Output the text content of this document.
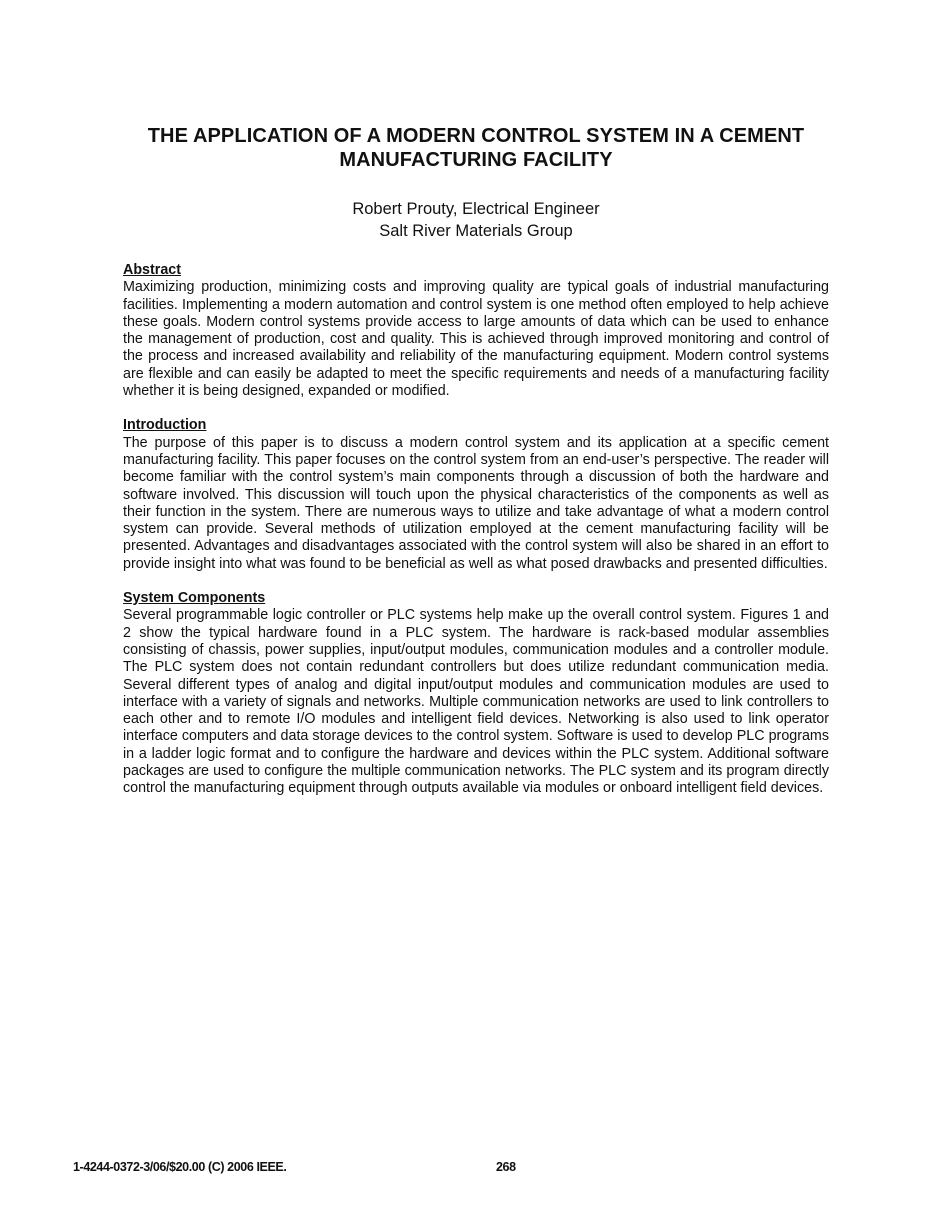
THE APPLICATION OF A MODERN CONTROL SYSTEM IN A CEMENT
MANUFACTURING FACILITY
Robert Prouty, Electrical Engineer
Salt River Materials Group

Abstract

Maximizing production, minimizing costs and improving quality are typical goals of industrial manufacturing facilities. Implementing a modern automation and control system is one method often employed to help achieve these goals. Modern control systems provide access to large amounts of data which can be used to enhance the management of production, cost and quality. This is achieved through improved monitoring and control of the process and increased availability and reliability of the manufacturing equipment. Modern control systems are flexible and can easily be adapted to meet the specific requirements and needs of a manufacturing facility whether it is being designed, expanded or modified.

Introduction

The purpose of this paper is to discuss a modern control system and its application at a specific cement manufacturing facility. This paper focuses on the control system from an end-user’s perspective. The reader will become familiar with the control system’s main components through a discussion of both the hardware and software involved. This discussion will touch upon the physical characteristics of the components as well as their function in the system. There are numerous ways to utilize and take advantage of what a modern control system can provide. Several methods of utilization employed at the cement manufacturing facility will be presented. Advantages and disadvantages associated with the control system will also be shared in an effort to provide insight into what was found to be beneficial as well as what posed drawbacks and presented difficulties.

System Components

Several programmable logic controller or PLC systems help make up the overall control system. Figures 1 and 2 show the typical hardware found in a PLC system. The hardware is rack-based modular assemblies consisting of chassis, power supplies, input/output modules, communication modules and a controller module. The PLC system does not contain redundant controllers but does utilize redundant communication media. Several different types of analog and digital input/output modules and communication modules are used to interface with a variety of signals and networks. Multiple communication networks are used to link controllers to each other and to remote I/O modules and intelligent field devices. Networking is also used to link operator interface computers and data storage devices to the control system. Software is used to develop PLC programs in a ladder logic format and to configure the hardware and devices within the PLC system. Additional software packages are used to configure the multiple communication networks. The PLC system and its program directly control the manufacturing equipment through outputs available via modules or onboard intelligent field devices.

1-4244-0372-3/06/$20.00 (C) 2006 IEEE.	268
